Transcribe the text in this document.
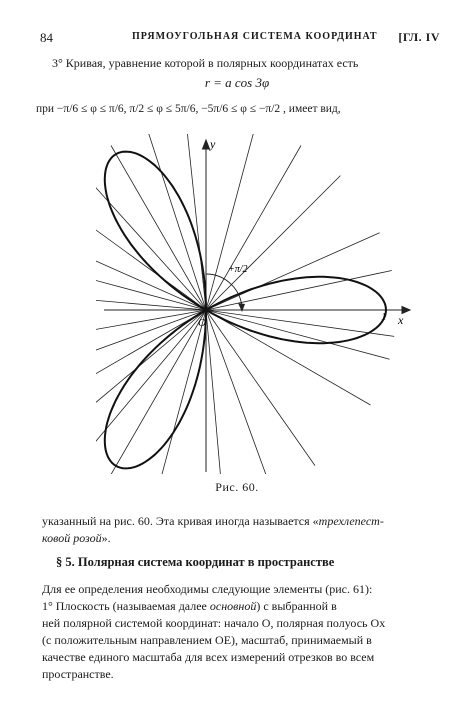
84	ПРЯМОУГОЛЬНАЯ СИСТЕМА КООРДИНАТ [ГЛ. IV
3° Кривая, уравнение которой в полярных координатах есть
r = a cos 3φ
при −π/6 ≤ φ ≤ π/6, π/2 ≤ φ ≤ 5π/6, −5π/6 ≤ φ ≤ −π/2 , имеет вид,
y
x
O	1
+π/2
Рис. 60.
указанный на рис. 60. Эта кривая иногда называется «трехлепест-
ковой розой».
§ 5. Полярная система координат в пространстве
Для ее определения необходимы следующие элементы (рис. 61):
1° Плоскость (называемая далее основной) с выбранной в
ней полярной системой координат: начало O, полярная полуось Ox
(с положительным направлением OE), масштаб, принимаемый в
качестве единого масштаба для всех измерений отрезков во всем
пространстве.
